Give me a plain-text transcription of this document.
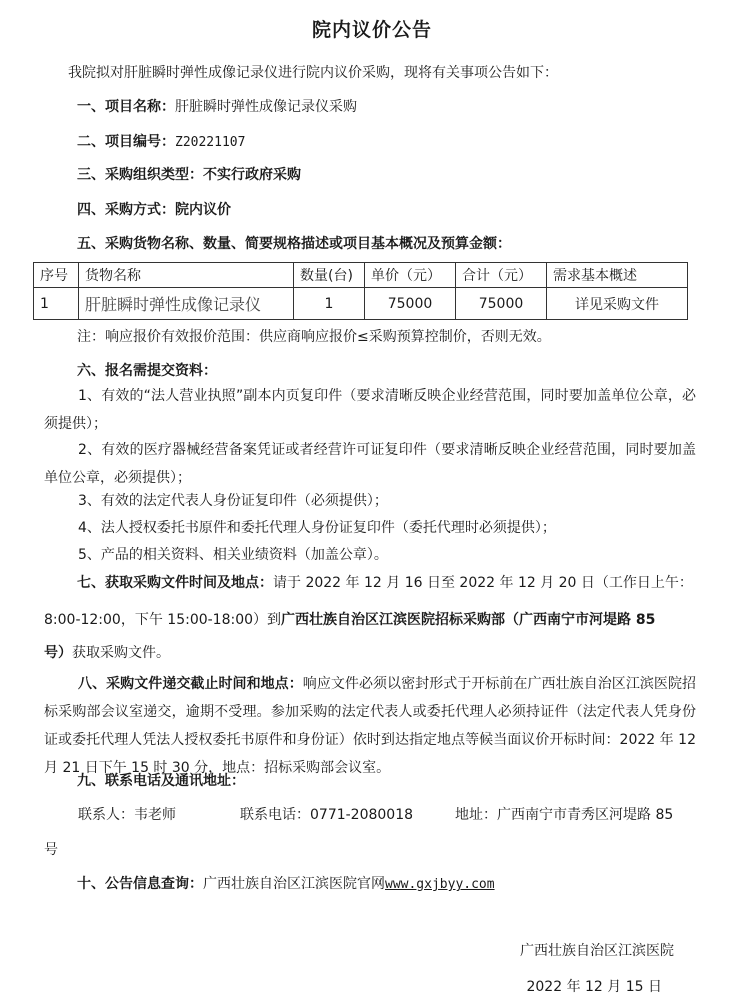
院内议价公告
我院拟对肝脏瞬时弹性成像记录仪进行院内议价采购，现将有关事项公告如下：
一、项目名称：肝脏瞬时弹性成像记录仪采购
二、项目编号：Z20221107
三、采购组织类型：不实行政府采购
四、采购方式：院内议价
五、采购货物名称、数量、简要规格描述或项目基本概况及预算金额：
序号	货物名称	数量(台)	单价（元）	合计（元）	需求基本概述
1	肝脏瞬时弹性成像记录仪	1	75000	75000	详见采购文件
注：响应报价有效报价范围：供应商响应报价≤采购预算控制价，否则无效。
六、报名需提交资料：
1、有效的“法人营业执照”副本内页复印件（要求清晰反映企业经营范围，同时要加盖单位公章，必须提供）；
2、有效的医疗器械经营备案凭证或者经营许可证复印件（要求清晰反映企业经营范围，同时要加盖单位公章，必须提供）；
3、有效的法定代表人身份证复印件（必须提供）；
4、法人授权委托书原件和委托代理人身份证复印件（委托代理时必须提供）；
5、产品的相关资料、相关业绩资料（加盖公章）。
七、获取采购文件时间及地点：请于 2022 年 12 月 16 日至 2022 年 12 月 20 日（工作日上午：
8:00-12:00，下午 15:00-18:00）到广西壮族自治区江滨医院招标采购部（广西南宁市河堤路 85
号）获取采购文件。
八、采购文件递交截止时间和地点：响应文件必须以密封形式于开标前在广西壮族自治区江滨医院招标采购部会议室递交，逾期不受理。参加采购的法定代表人或委托代理人必须持证件（法定代表人凭身份证或委托代理人凭法人授权委托书原件和身份证）依时到达指定地点等候当面议价开标时间：2022 年 12 月 21 日下午 15 时 30 分，地点：招标采购部会议室。
九、联系电话及通讯地址：
联系人：韦老师	联系电话：0771-2080018	地址：广西南宁市青秀区河堤路 85
号
十、公告信息查询：广西壮族自治区江滨医院官网www.gxjbyy.com
广西壮族自治区江滨医院
2022 年 12 月 15 日
